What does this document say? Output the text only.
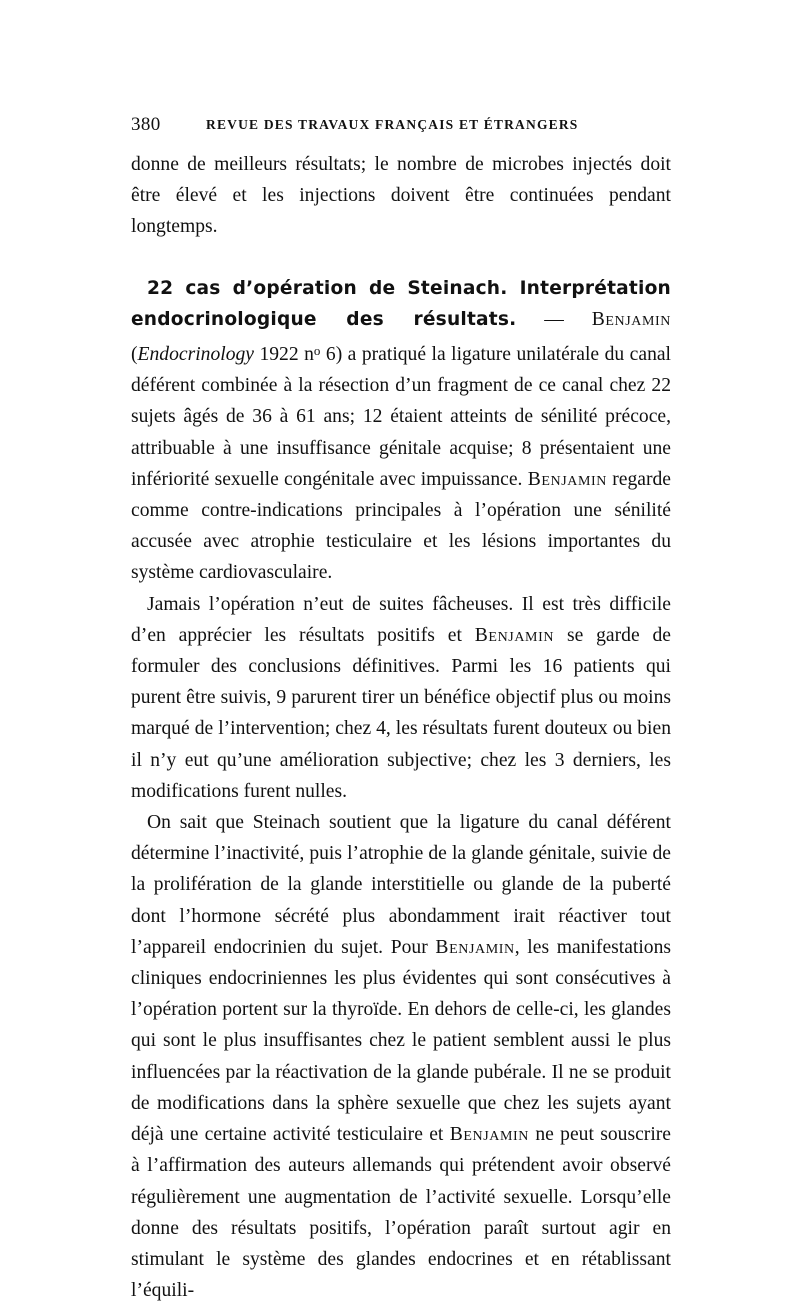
380	REVUE DES TRAVAUX FRANÇAIS ET ÉTRANGERS

donne de meilleurs résultats; le nombre de microbes injectés doit être élevé et les injections doivent être continuées pendant longtemps.

22 cas d’opération de Steinach. Interprétation endocrinologique des résultats. — Benjamin (Endocrinology 1922 $n^o$ 6) a pratiqué la ligature unilatérale du canal déférent combinée à la résection d’un fragment de ce canal chez 22 sujets âgés de 36 à 61 ans; 12 étaient atteints de sénilité précoce, attribuable à une insuffisance génitale acquise; 8 présentaient une infériorité sexuelle congénitale avec impuissance. Benjamin regarde comme contre-indications principales à l’opération une sénilité accusée avec atrophie testiculaire et les lésions importantes du système cardiovasculaire.

Jamais l’opération n’eut de suites fâcheuses. Il est très difficile d’en apprécier les résultats positifs et Benjamin se garde de formuler des conclusions définitives. Parmi les 16 patients qui purent être suivis, 9 parurent tirer un bénéfice objectif plus ou moins marqué de l’intervention; chez 4, les résultats furent douteux ou bien il n’y eut qu’une amélioration subjective; chez les 3 derniers, les modifications furent nulles.

On sait que Steinach soutient que la ligature du canal déférent détermine l’inactivité, puis l’atrophie de la glande génitale, suivie de la prolifération de la glande interstitielle ou glande de la puberté dont l’hormone sécrété plus abondamment irait réactiver tout l’appareil endocrinien du sujet. Pour Benjamin, les manifestations cliniques endocriniennes les plus évidentes qui sont consécutives à l’opération portent sur la thyroïde. En dehors de celle-ci, les glandes qui sont le plus insuffisantes chez le patient semblent aussi le plus influencées par la réactivation de la glande pubérale. Il ne se produit de modifications dans la sphère sexuelle que chez les sujets ayant déjà une certaine activité testiculaire et Benjamin ne peut souscrire à l’affirmation des auteurs allemands qui prétendent avoir observé régulièrement une augmentation de l’activité sexuelle. Lorsqu’elle donne des résultats positifs, l’opération paraît surtout agir en stimulant le système des glandes endocrines et en rétablissant l’équili-
